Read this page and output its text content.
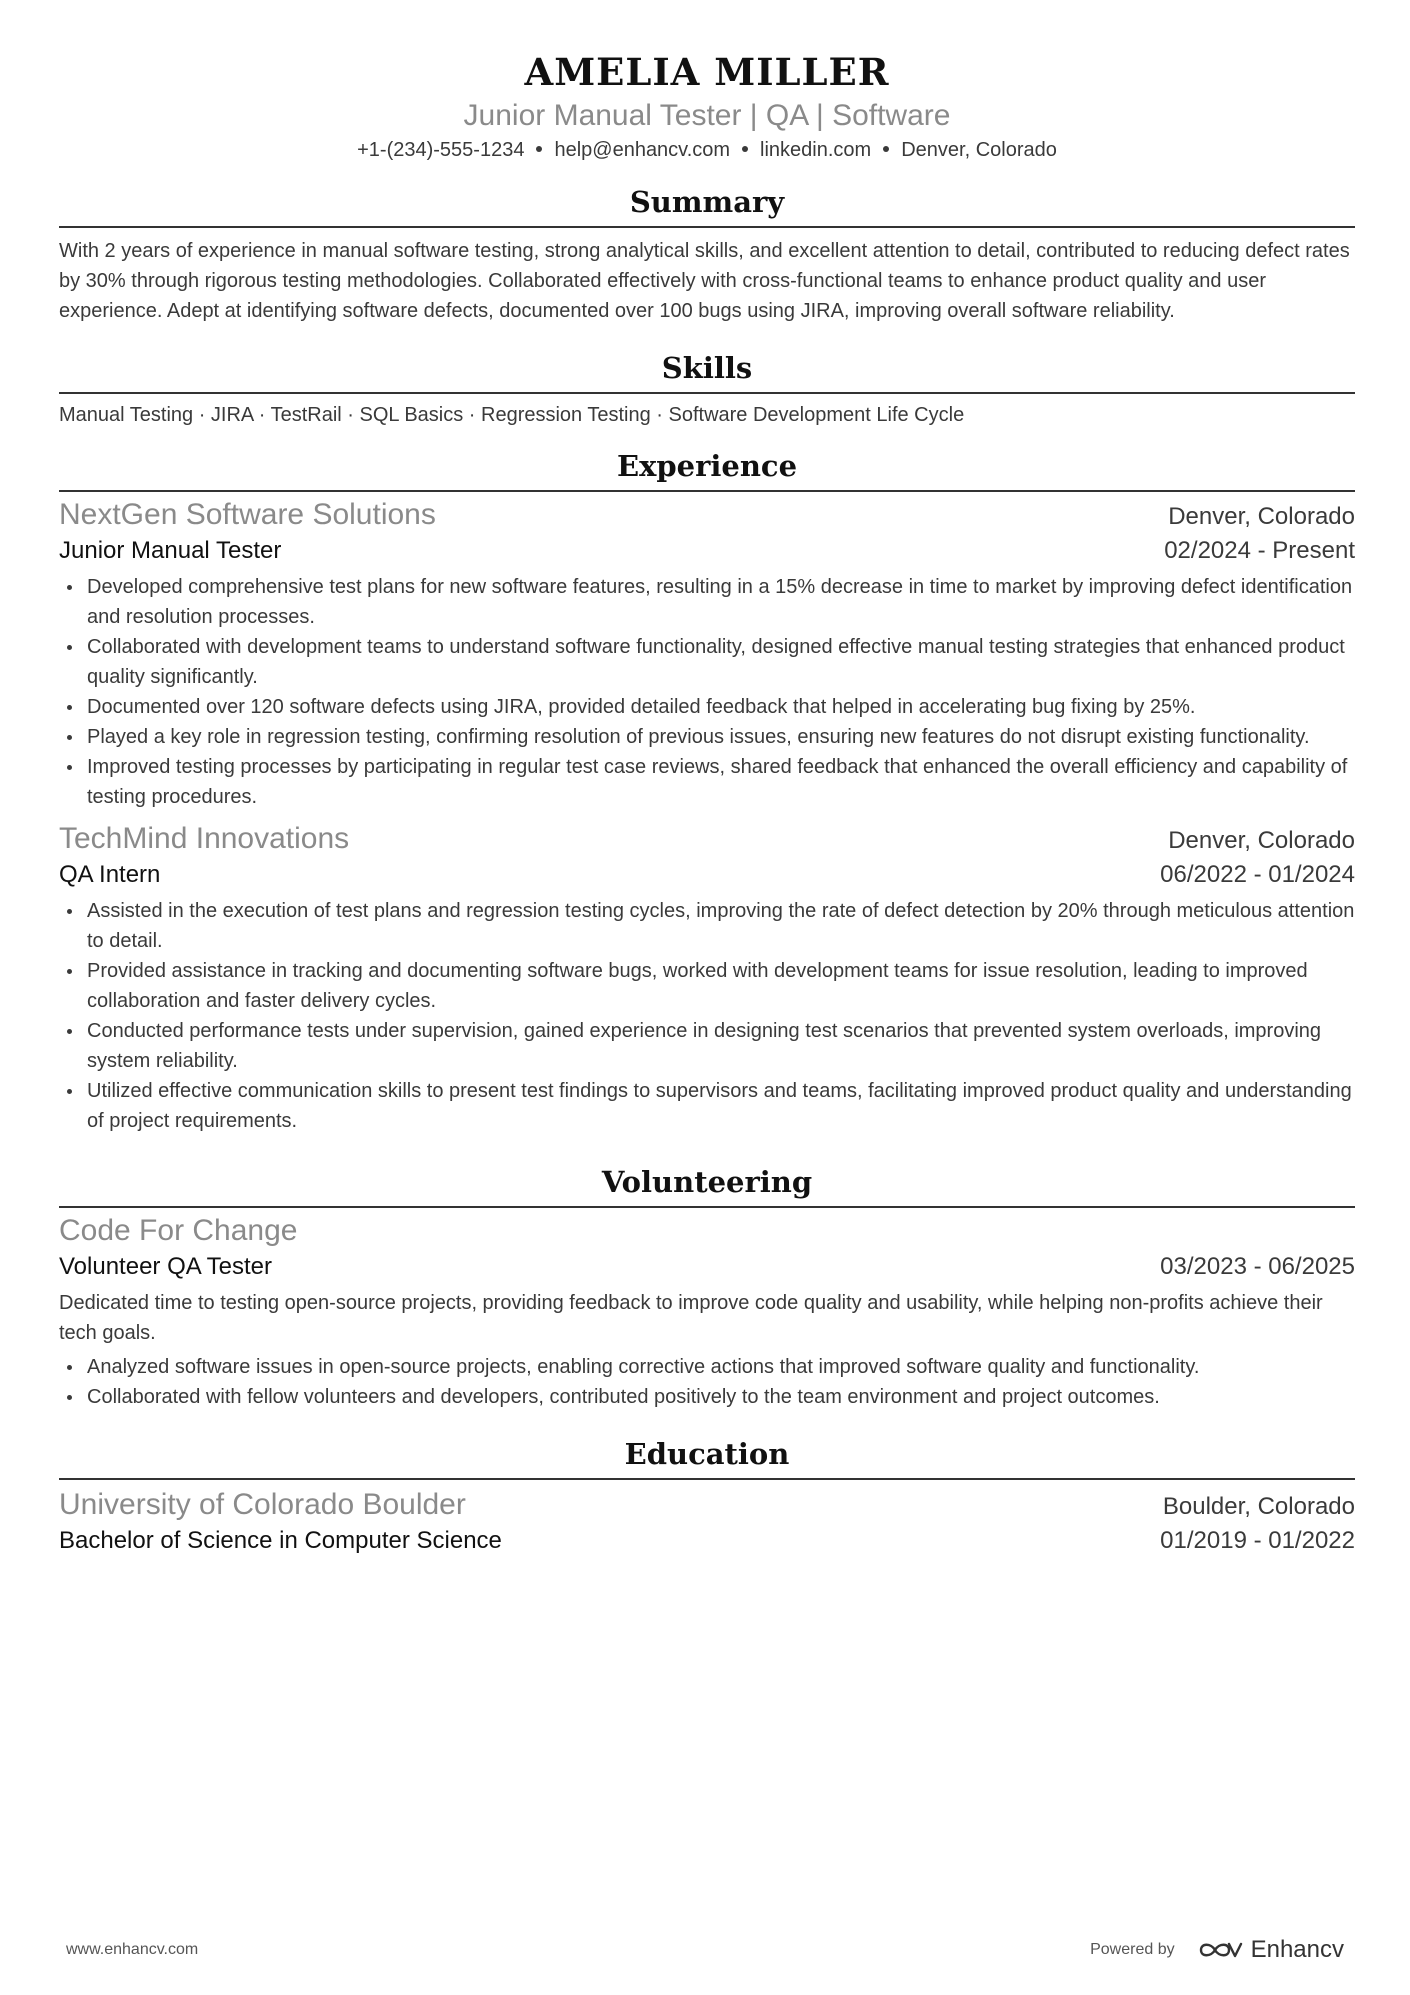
AMELIA MILLER
Junior Manual Tester | QA | Software
+1-(234)-555-1234 help@enhancv.com linkedin.com Denver, Colorado
Summary
With 2 years of experience in manual software testing, strong analytical skills, and excellent attention to detail, contributed to reducing defect rates by 30% through rigorous testing methodologies. Collaborated effectively with cross-functional teams to enhance product quality and user experience. Adept at identifying software defects, documented over 100 bugs using JIRA, improving overall software reliability.
Skills
Manual Testing · JIRA · TestRail · SQL Basics · Regression Testing · Software Development Life Cycle
Experience
NextGen Software Solutions	Denver, Colorado
Junior Manual Tester	02/2024 - Present
Developed comprehensive test plans for new software features, resulting in a 15% decrease in time to market by improving defect identification and resolution processes.
Collaborated with development teams to understand software functionality, designed effective manual testing strategies that enhanced product quality significantly.
Documented over 120 software defects using JIRA, provided detailed feedback that helped in accelerating bug fixing by 25%.
Played a key role in regression testing, confirming resolution of previous issues, ensuring new features do not disrupt existing functionality.
Improved testing processes by participating in regular test case reviews, shared feedback that enhanced the overall efficiency and capability of testing procedures.
TechMind Innovations	Denver, Colorado
QA Intern	06/2022 - 01/2024
Assisted in the execution of test plans and regression testing cycles, improving the rate of defect detection by 20% through meticulous attention to detail.
Provided assistance in tracking and documenting software bugs, worked with development teams for issue resolution, leading to improved collaboration and faster delivery cycles.
Conducted performance tests under supervision, gained experience in designing test scenarios that prevented system overloads, improving system reliability.
Utilized effective communication skills to present test findings to supervisors and teams, facilitating improved product quality and understanding of project requirements.
Volunteering
Code For Change
Volunteer QA Tester	03/2023 - 06/2025
Dedicated time to testing open-source projects, providing feedback to improve code quality and usability, while helping non-profits achieve their tech goals.
Analyzed software issues in open-source projects, enabling corrective actions that improved software quality and functionality.
Collaborated with fellow volunteers and developers, contributed positively to the team environment and project outcomes.
Education
University of Colorado Boulder	Boulder, Colorado
Bachelor of Science in Computer Science	01/2019 - 01/2022
www.enhancv.com	Powered by	Enhancv
